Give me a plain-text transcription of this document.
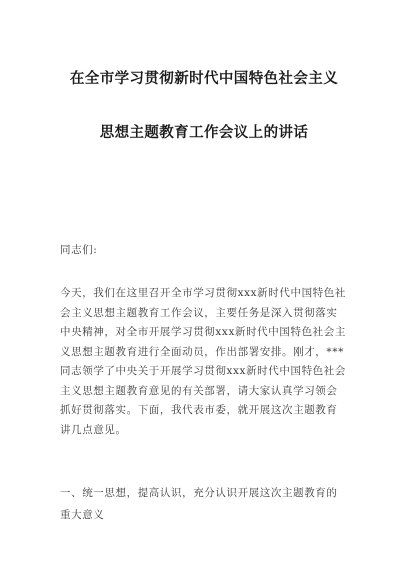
在全市学习贯彻新时代中国特色社会主义
思想主题教育工作会议上的讲话
同志们:

今天，我们在这里召开全市学习贯彻xxx新时代中国特色社

会主义思想主题教育工作会议，主要任务是深入贯彻落实

中央精神，对全市开展学习贯彻xxx新时代中国特色社会主

义思想主题教育进行全面动员，作出部署安排。刚才，***

同志领学了中央关于开展学习贯彻xxx新时代中国特色社会

主义思想主题教育意见的有关部署，请大家认真学习领会

抓好贯彻落实。下面，我代表市委，就开展这次主题教育

讲几点意见。

一、统一思想，提高认识，充分认识开展这次主题教育的

重大意义
